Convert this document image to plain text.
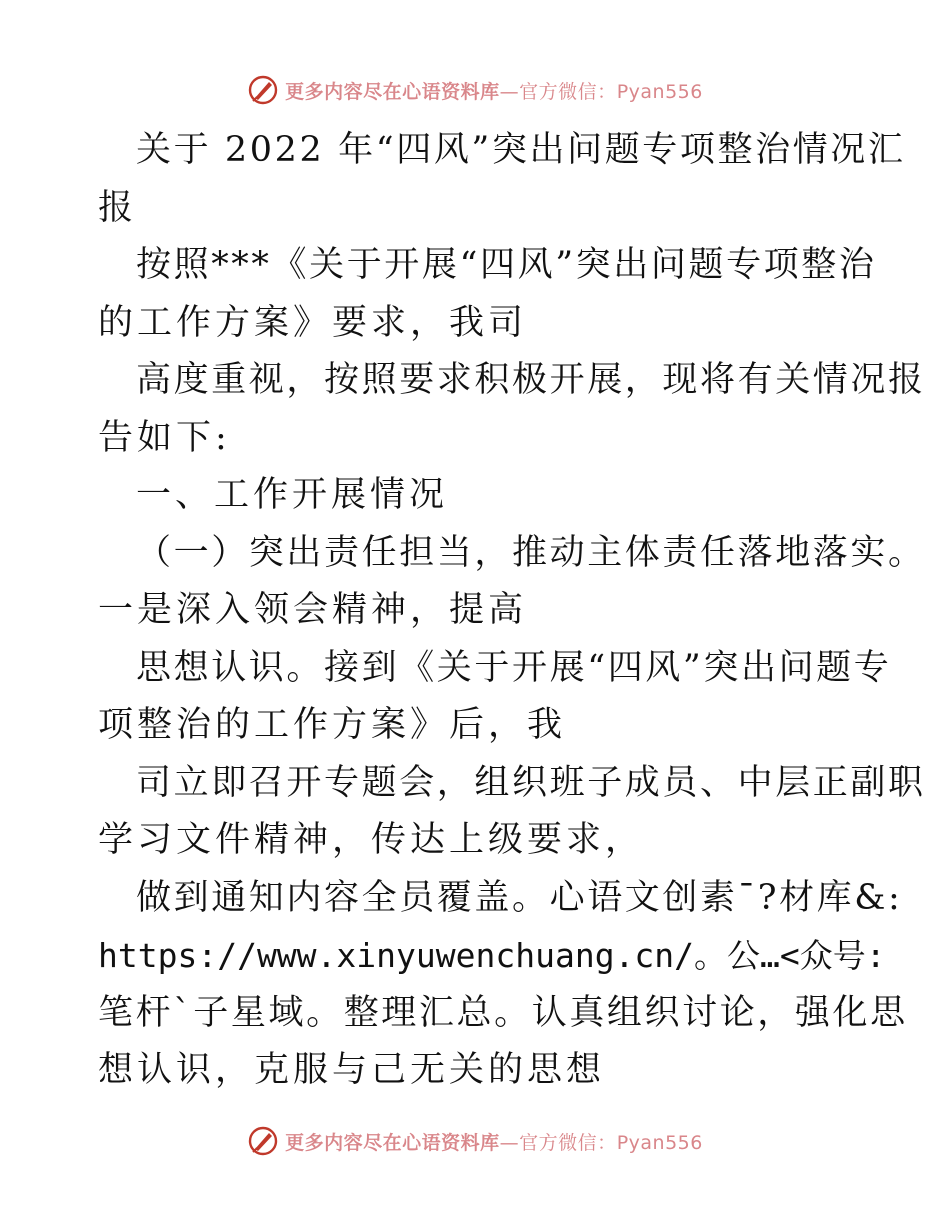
更多内容尽在心语资料库—官方微信：Pyan556
关于 2022 年“四风”突出问题专项整治情况汇
报
按照***《关于开展“四风”突出问题专项整治
的工作方案》要求，我司
高度重视，按照要求积极开展，现将有关情况报
告如下:
一、工作开展情况
（一）突出责任担当，推动主体责任落地落实。
一是深入领会精神，提高
思想认识。接到《关于开展“四风”突出问题专
项整治的工作方案》后，我
司立即召开专题会，组织班子成员、中层正副职
学习文件精神，传达上级要求，
做到通知内容全员覆盖。心语文创素¯?材库&:
https://www.xinyuwenchuang.cn/。公…<众号:
笔杆`子星域。整理汇总。认真组织讨论，强化思
想认识，克服与己无关的思想
更多内容尽在心语资料库—官方微信：Pyan556
